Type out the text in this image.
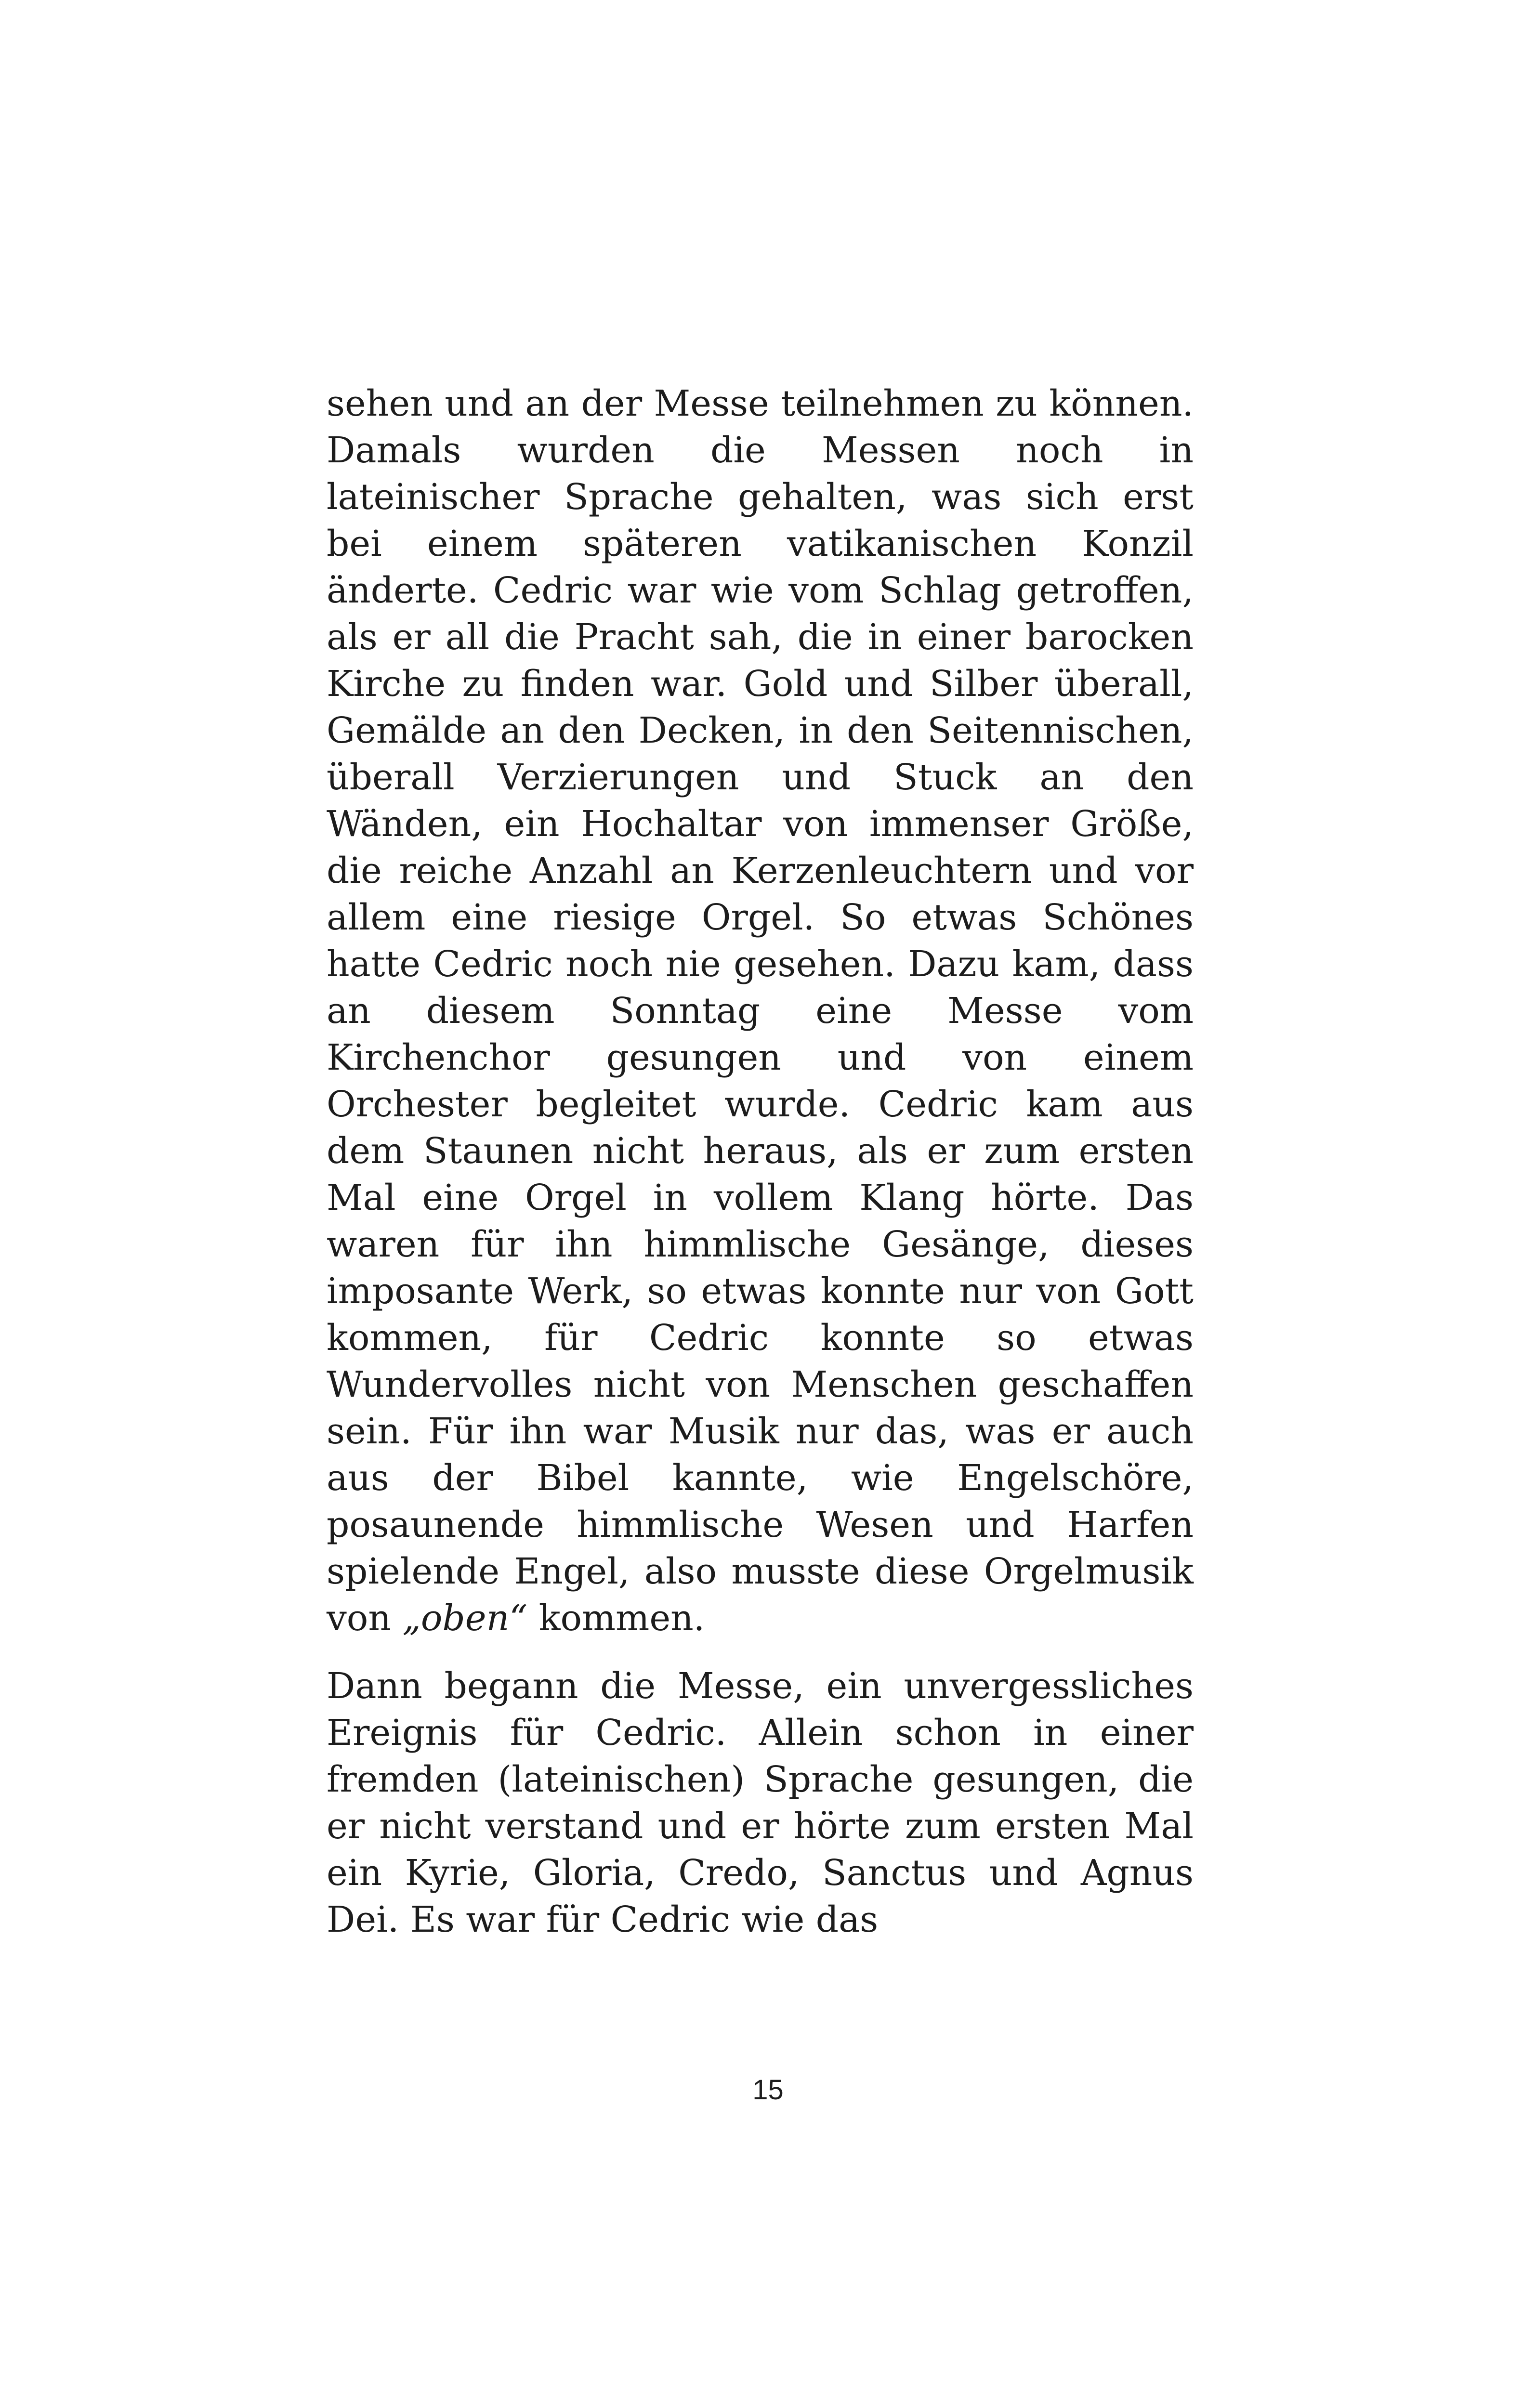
sehen und an der Messe teilnehmen zu können. Damals wurden die Messen noch in lateinischer Sprache gehalten, was sich erst bei einem späteren vatikanischen Konzil änderte. Cedric war wie vom Schlag getroffen, als er all die Pracht sah, die in einer barocken Kirche zu finden war. Gold und Silber überall, Gemälde an den Decken, in den Seitennischen, überall Verzierungen und Stuck an den Wänden, ein Hochaltar von immenser Größe, die reiche Anzahl an Kerzenleuchtern und vor allem eine riesige Orgel. So etwas Schönes hatte Cedric noch nie gesehen. Dazu kam, dass an diesem Sonntag eine Messe vom Kirchenchor gesungen und von einem Orchester begleitet wurde. Cedric kam aus dem Staunen nicht heraus, als er zum ersten Mal eine Orgel in vollem Klang hörte. Das waren für ihn himmlische Gesänge, dieses imposante Werk, so etwas konnte nur von Gott kommen, für Cedric konnte so etwas Wundervolles nicht von Menschen geschaffen sein. Für ihn war Musik nur das, was er auch aus der Bibel kannte, wie Engelschöre, posaunende himmlische Wesen und Harfen spielende Engel, also musste diese Orgelmusik von „oben“ kommen.

Dann begann die Messe, ein unvergessliches Ereignis für Cedric. Allein schon in einer fremden (lateinischen) Sprache gesungen, die er nicht verstand und er hörte zum ersten Mal ein Kyrie, Gloria, Credo, Sanctus und Agnus Dei. Es war für Cedric wie das

15
